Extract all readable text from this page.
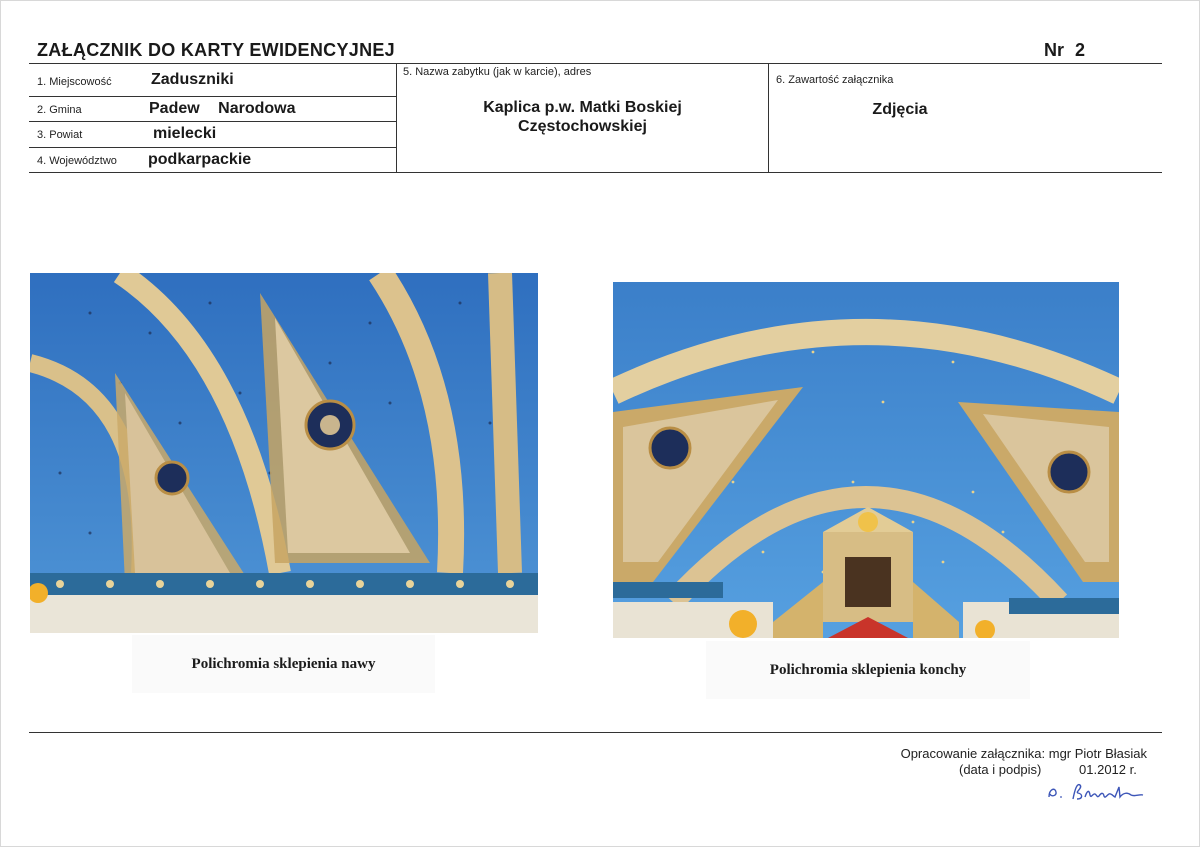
ZAŁĄCZNIK DO KARTY EWIDENCYJNEJ	Nr 2
1. Miejscowość Zaduszniki
2. Gmina	Padew Narodowa
3. Powiat	mielecki
4. Województwo podkarpackie
5. Nazwa zabytku (jak w karcie), adres
Kaplica p.w. Matki Boskiej
Częstochowskiej
6. Zawartość załącznika
Zdjęcia
Polichromia sklepienia nawy	Polichromia sklepienia konchy
Opracowanie załącznika: mgr Piotr Błasiak
(data i podpis)	01.2012 r.
